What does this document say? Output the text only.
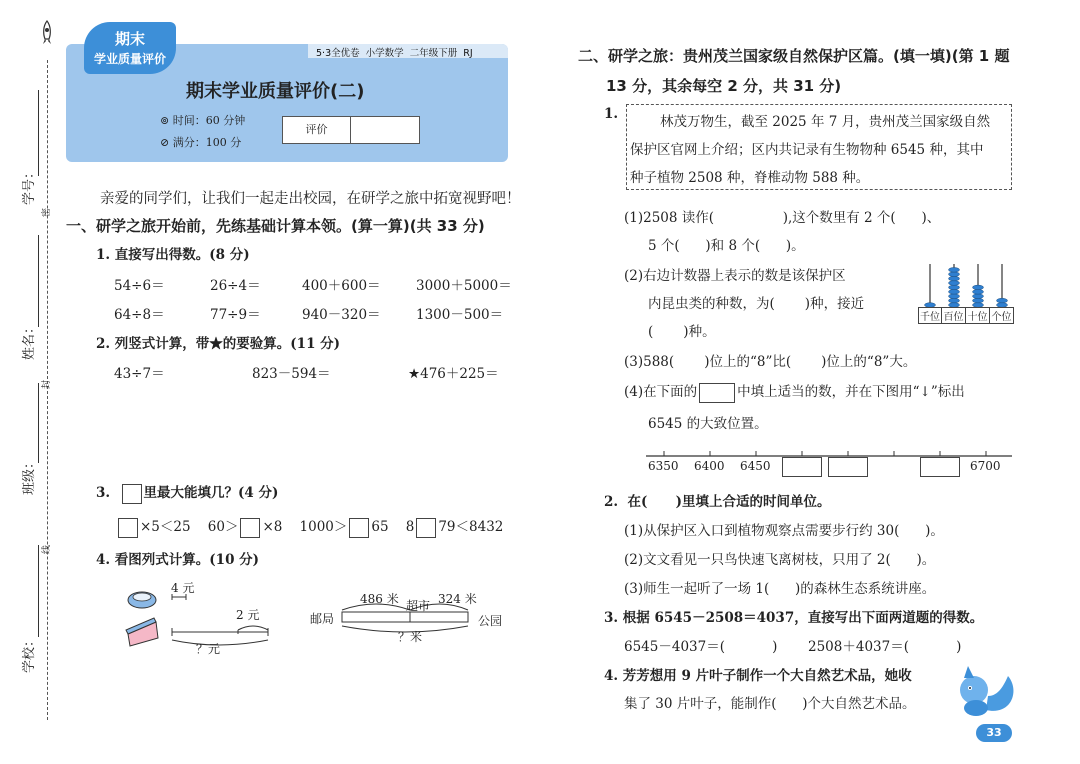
密
封
线
学号：
姓名：
班级：
学校：
5·3全优卷 小学数学 二年级下册 RJ
期末
学业质量评价
期末学业质量评价(二)
⊚ 时间：60 分钟
⊘ 满分：100 分
评价
亲爱的同学们，让我们一起走出校园，在研学之旅中拓宽视野吧！
一、研学之旅开始前，先练基础计算本领。(算一算)(共 33 分)
1. 直接写出得数。(8 分)
54÷6＝	26÷4＝	400＋600＝	3000＋5000＝
64÷8＝	77÷9＝	940－320＝	1300－500＝
2. 列竖式计算，带★的要验算。(11 分)
43÷7＝	823－594＝	★476＋225＝
3. 里最大能填几？(4 分)
×5＜25 60＞ ×8 1000＞ 65 8 79＜8432
4. 看图列式计算。(10 分)
4 元
2 元
？元
486 米	324 米
超市
邮局	公园
？米
二、研学之旅：贵州茂兰国家级自然保护区篇。(填一填)(第 1 题
13 分，其余每空 2 分，共 31 分)
1.	林茂万物生，截至 2025 年 7 月，贵州茂兰国家级自然
保护区官网上介绍；区内共记录有生物物种 6545 种，其中
种子植物 2508 种，脊椎动物 588 种。
(1)2508 读作(                ),这个数里有 2 个(      )、
5 个(      )和 8 个(      )。
(2)右边计数器上表示的数是该保护区
内昆虫类的种数，为(       )种，接近
(       )种。
千位 百位 十位 个位
(3)588(       )位上的“8”比(       )位上的“8”大。
(4)在下面的	中填上适当的数，并在下图用“↓”标出
6545 的大致位置。
6350 6400 6450	6700
2.  在(      )里填上合适的时间单位。
(1)从保护区入口到植物观察点需要步行约 30(      )。
(2)文文看见一只鸟快速飞离树枝，只用了 2(      )。
(3)师生一起听了一场 1(      )的森林生态系统讲座。
3. 根据 6545－2508＝4037，直接写出下面两道题的得数。
6545－4037＝(           ) 2508＋4037＝(           )
4. 芳芳想用 9 片叶子制作一个大自然艺术品，她收
集了 30 片叶子，能制作(      )个大自然艺术品。
33
